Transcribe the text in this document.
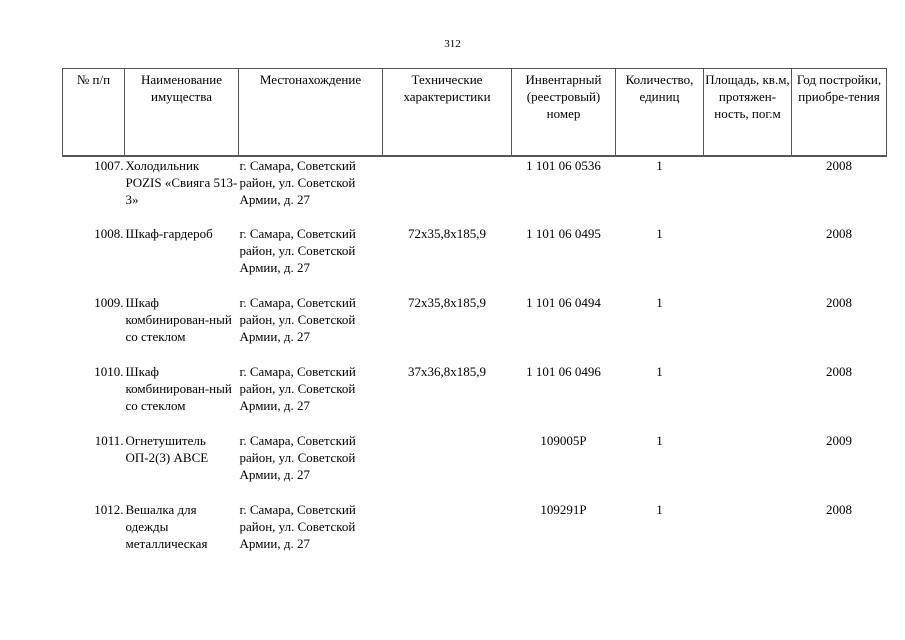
312
№ п/п	Наименование имущества	Местонахождение	Технические характеристики	Инвентарный (реестровый) номер	Количество, единиц	Площадь, кв.м, протяжен-ность, пог.м	Год постройки, приобре-тения
1007.	Холодильник POZIS «Свияга 513-3»	г. Самара, Советский район, ул. Советской Армии, д. 27		1 101 06 0536	1		2008
1008.	Шкаф-гардероб	г. Самара, Советский район, ул. Советской Армии, д. 27	72х35,8х185,9	1 101 06 0495	1		2008
1009.	Шкаф комбинирован-ный со стеклом	г. Самара, Советский район, ул. Советской Армии, д. 27	72х35,8х185,9	1 101 06 0494	1		2008
1010.	Шкаф комбинирован-ный со стеклом	г. Самара, Советский район, ул. Советской Армии, д. 27	37х36,8х185,9	1 101 06 0496	1		2008
1011.	Огнетушитель ОП-2(3) АВСЕ	г. Самара, Советский район, ул. Советской Армии, д. 27		109005Р	1		2009
1012.	Вешалка для одежды металлическая	г. Самара, Советский район, ул. Советской Армии, д. 27		109291Р	1		2008
